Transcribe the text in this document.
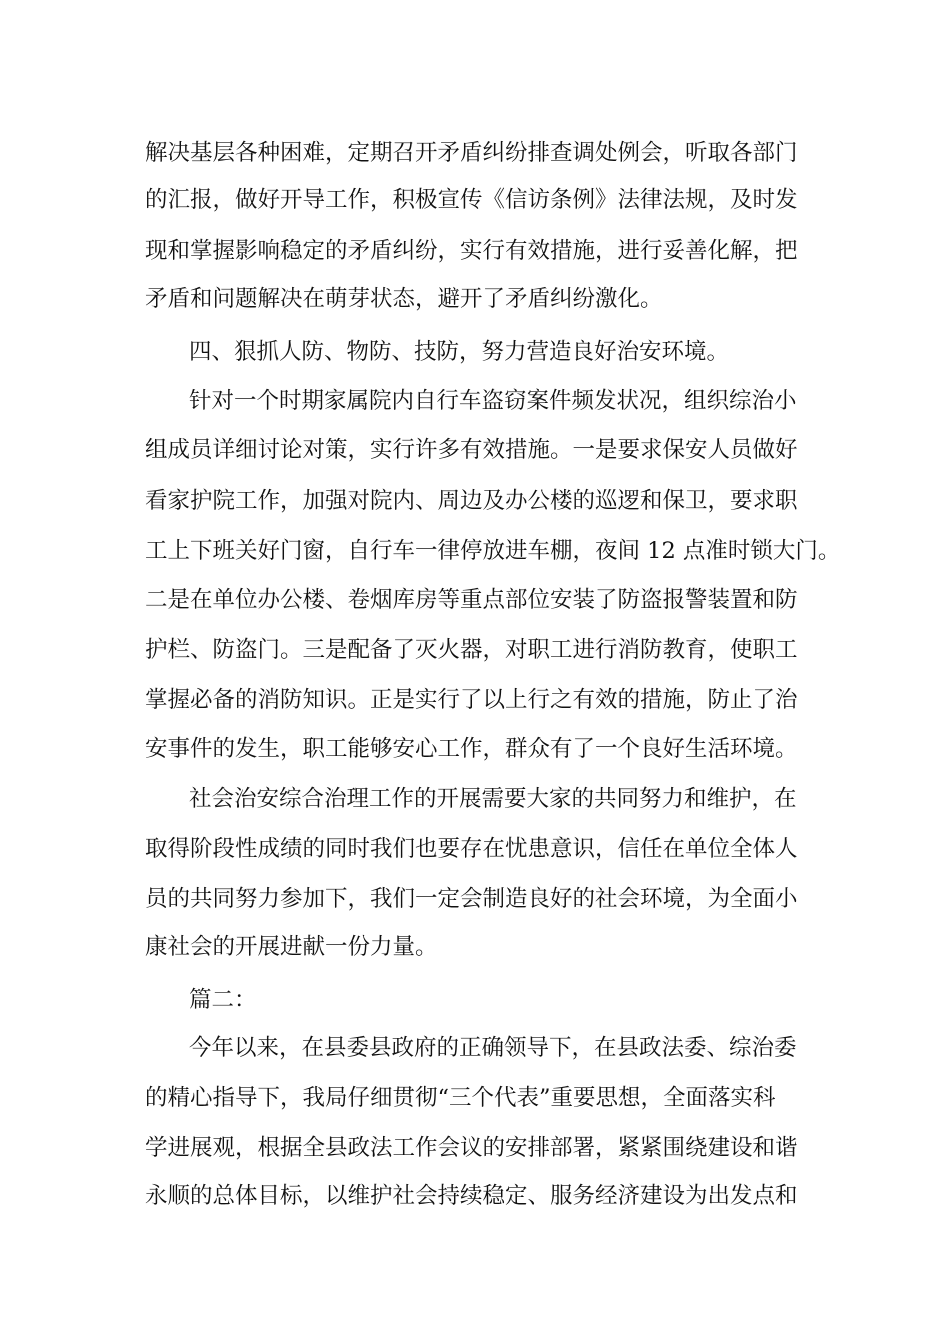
解决基层各种困难，定期召开矛盾纠纷排查调处例会，听取各部门
的汇报，做好开导工作，积极宣传《信访条例》法律法规，及时发
现和掌握影响稳定的矛盾纠纷，实行有效措施，进行妥善化解，把
矛盾和问题解决在萌芽状态，避开了矛盾纠纷激化。
四、狠抓人防、物防、技防，努力营造良好治安环境。
针对一个时期家属院内自行车盗窃案件频发状况，组织综治小
组成员详细讨论对策，实行许多有效措施。一是要求保安人员做好
看家护院工作，加强对院内、周边及办公楼的巡逻和保卫，要求职
工上下班关好门窗，自行车一律停放进车棚，夜间 12 点准时锁大门。
二是在单位办公楼、卷烟库房等重点部位安装了防盗报警装置和防
护栏、防盗门。三是配备了灭火器，对职工进行消防教育，使职工
掌握必备的消防知识。正是实行了以上行之有效的措施，防止了治
安事件的发生，职工能够安心工作，群众有了一个良好生活环境。
社会治安综合治理工作的开展需要大家的共同努力和维护，在
取得阶段性成绩的同时我们也要存在忧患意识，信任在单位全体人
员的共同努力参加下，我们一定会制造良好的社会环境，为全面小
康社会的开展进献一份力量。
篇二：
今年以来，在县委县政府的正确领导下，在县政法委、综治委
的精心指导下，我局仔细贯彻“三个代表”重要思想，全面落实科
学进展观，根据全县政法工作会议的安排部署，紧紧围绕建设和谐
永顺的总体目标，以维护社会持续稳定、服务经济建设为出发点和
